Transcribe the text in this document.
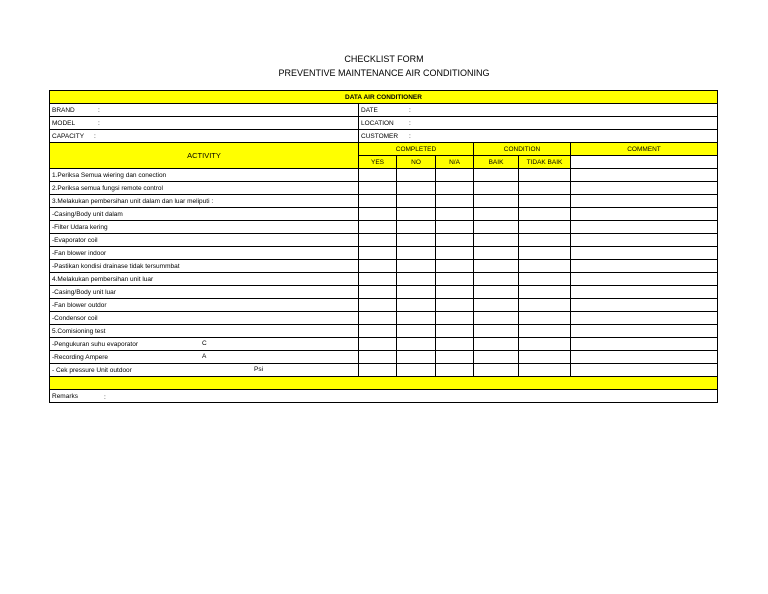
CHECKLIST FORM
PREVENTIVE MAINTENANCE AIR CONDITIONING
DATA AIR CONDITIONER						
BRAND :	DATE :					

MODEL :	LOCATION :					

CAPACITY :	CUSTOMER :					

ACTIVITY	COMPLETED			CONDITION		COMMENT
	YES	NO	N/A	BAIK	TIDAK BAIK	
1.Periksa Semua wiering dan conection						
2.Periksa semua fungsi remote control						
3.Melakukan pembersihan unit dalam dan luar meliputi :						
-Casing/Body unit dalam						
-Filter Udara kering						
-Evaporator coil						
-Fan blower indoor						
-Pastikan kondisi drainase tidak tersummbat						
4.Melakukan pembersihan unit luar						
-Casing/Body unit luar						
-Fan blower outdor						
-Condensor coil						
5.Comisioning test						
-Pengukuran suhu evaporator C						

-Recording Ampere A						

- Cek pressure Unit outdoor Psi						

Remarks :						
